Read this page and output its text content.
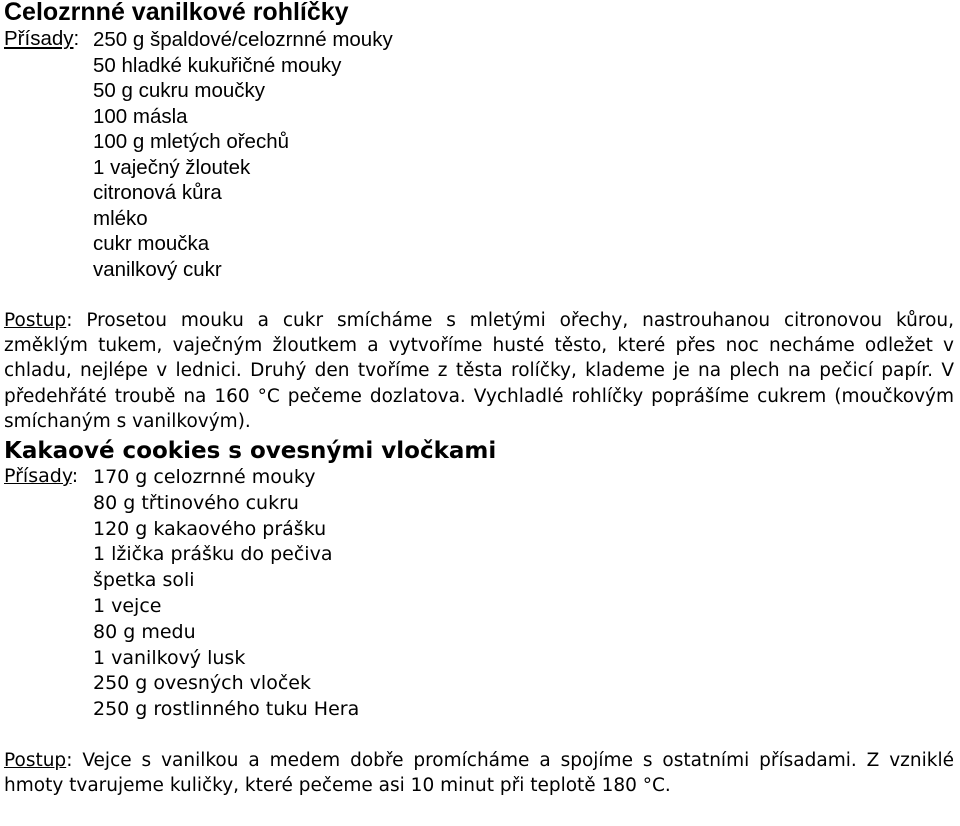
Celozrnné vanilkové rohlíčky
Přísady: 250 g špaldové/celozrnné mouky
50 hladké kukuřičné mouky
50 g cukru moučky
100 másla
100 g mletých ořechů
1 vaječný žloutek
citronová kůra
mléko
cukr moučka
vanilkový cukr

Postup: Prosetou mouku a cukr smícháme s mletými ořechy, nastrouhanou citronovou kůrou, změklým tukem, vaječným žloutkem a vytvoříme husté těsto, které přes noc necháme odležet v chladu, nejlépe v lednici. Druhý den tvoříme z těsta rolíčky, klademe je na plech na pečicí papír. V předehřáté troubě na 160 °C pečeme dozlatova. Vychladlé rohlíčky poprášíme cukrem (moučkovým smíchaným s vanilkovým).

Kakaové cookies s ovesnými vločkami
Přísady: 170 g celozrnné mouky
80 g třtinového cukru
120 g kakaového prášku
1 lžička prášku do pečiva
špetka soli
1 vejce
80 g medu
1 vanilkový lusk
250 g ovesných vloček
250 g rostlinného tuku Hera

Postup: Vejce s vanilkou a medem dobře promícháme a spojíme s ostatními přísadami. Z vzniklé hmoty tvarujeme kuličky, které pečeme asi 10 minut při teplotě 180 °C.
